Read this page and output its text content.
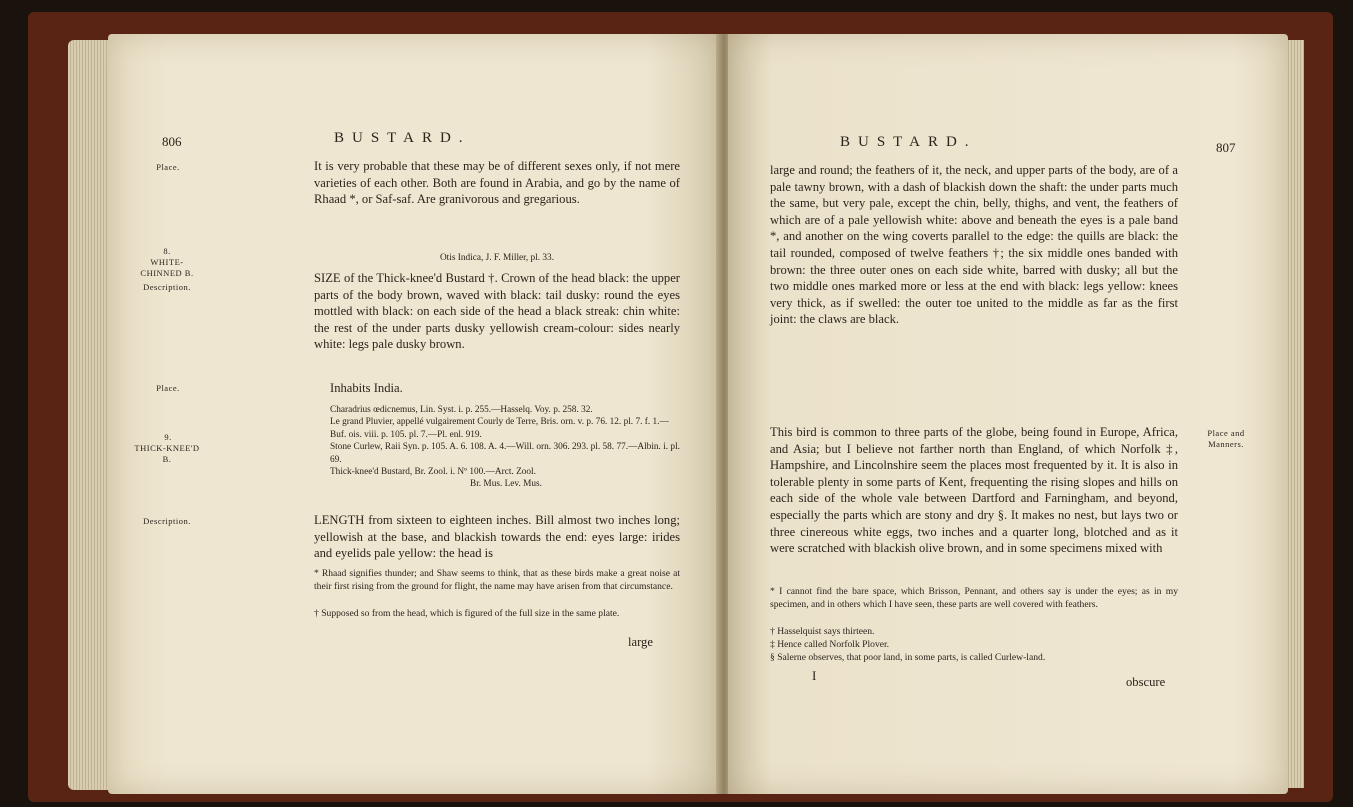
806	BUSTARD.
Place.	It is very probable that these may be of different sexes only, if not mere varieties of each other. Both are found in Arabia, and go by the name of Rhaad *, or Saf-saf. Are granivorous and gregarious.
8.
WHITE-CHINNED B.
Description.
Otis Indica, J. F. Miller, pl. 33.
SIZE of the Thick-knee'd Bustard †. Crown of the head black: the upper parts of the body brown, waved with black: tail dusky: round the eyes mottled with black: on each side of the head a black streak: chin white: the rest of the under parts dusky yellowish cream-colour: sides nearly white: legs pale dusky brown.
Place.	Inhabits India.
9.
THICK-KNEE'D B.

Charadrius œdicnemus, Lin. Syst. i. p. 255.—Hasselq. Voy. p. 258. 32.

Le grand Pluvier, appellé vulgairement Courly de Terre, Bris. orn. v. p. 76. 12. pl. 7. f. 1.—Buf. ois. viii. p. 105. pl. 7.—Pl. enl. 919.

Stone Curlew, Raii Syn. p. 105. A. 6. 108. A. 4.—Will. orn. 306. 293. pl. 58. 77.—Albin. i. pl. 69.

Thick-knee'd Bustard, Br. Zool. i. Nº 100.—Arct. Zool.

Br. Mus. Lev. Mus.

Description.	LENGTH from sixteen to eighteen inches. Bill almost two inches long; yellowish at the base, and blackish towards the end: eyes large: irides and eyelids pale yellow: the head is
* Rhaad signifies thunder; and Shaw seems to think, that as these birds make a great noise at their first rising from the ground for flight, the name may have arisen from that circumstance.
† Supposed so from the head, which is figured of the full size in the same plate.
large
BUSTARD.	807
large and round; the feathers of it, the neck, and upper parts of the body, are of a pale tawny brown, with a dash of blackish down the shaft: the under parts much the same, but very pale, except the chin, belly, thighs, and vent, the feathers of which are of a pale yellowish white: above and beneath the eyes is a pale band *, and another on the wing coverts parallel to the edge: the quills are black: the tail rounded, composed of twelve feathers †; the six middle ones banded with brown: the three outer ones on each side white, barred with dusky; all but the two middle ones marked more or less at the end with black: legs yellow: knees very thick, as if swelled: the outer toe united to the middle as far as the first joint: the claws are black.
This bird is common to three parts of the globe, being found in Europe, Africa, and Asia; but I believe not farther north than England, of which Norfolk ‡, Hampshire, and Lincolnshire seem the places most frequented by it. It is also in tolerable plenty in some parts of Kent, frequenting the rising slopes and hills on each side of the whole vale between Dartford and Farningham, and beyond, especially the parts which are stony and dry §. It makes no nest, but lays two or three cinereous white eggs, two inches and a quarter long, blotched and as it were scratched with blackish olive brown, and in some specimens mixed with
Place and Manners.
* I cannot find the bare space, which Brisson, Pennant, and others say is under the eyes; as in my specimen, and in others which I have seen, these parts are well covered with feathers.
† Hasselquist says thirteen.
‡ Hence called Norfolk Plover.
§ Salerne observes, that poor land, in some parts, is called Curlew-land.
I	obscure
